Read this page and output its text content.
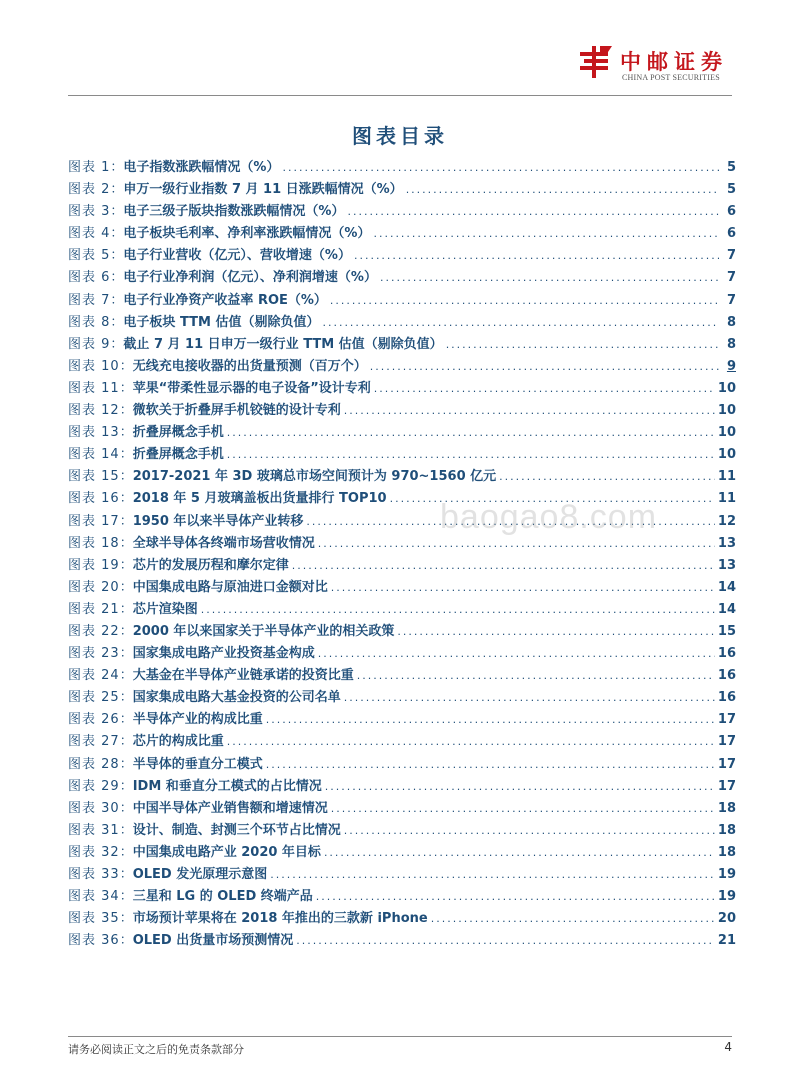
中邮证券
CHINA POST SECURITIES
图表目录
图表 1 ： 电子指数涨跌幅情况（%） .....	5
图表 2 ： 申万一级行业指数 7 月 11 日涨跌幅情况（%） .....	5
图表 3 ： 电子三级子版块指数涨跌幅情况（%） .....	6
图表 4 ： 电子板块毛利率、净利率涨跌幅情况（%） .....	6
图表 5 ： 电子行业营收（亿元）、营收增速（%） .....	7
图表 6 ： 电子行业净利润（亿元）、净利润增速（%） .....	7
图表 7 ： 电子行业净资产收益率 ROE（%） .....	7
图表 8 ： 电子板块 TTM 估值（剔除负值） .....	8
图表 9 ： 截止 7 月 11 日申万一级行业 TTM 估值（剔除负值） .....	8
图表 10 ： 无线充电接收器的出货量预测（百万个） .....	9
图表 11 ： 苹果“带柔性显示器的电子设备”设计专利 .....	10
图表 12 ： 微软关于折叠屏手机铰链的设计专利 .....	10
图表 13 ： 折叠屏概念手机 .....	10
图表 14 ： 折叠屏概念手机 .....	10
图表 15 ： 2017-2021 年 3D 玻璃总市场空间预计为 970~1560 亿元 .....	11
图表 16 ： 2018 年 5 月玻璃盖板出货量排行 TOP10 .....	11
图表 17 ： 1950 年以来半导体产业转移 .....	12
图表 18 ： 全球半导体各终端市场营收情况 .....	13
图表 19 ： 芯片的发展历程和摩尔定律 .....	13
图表 20 ： 中国集成电路与原油进口金额对比 .....	14
图表 21 ： 芯片渲染图 .....	14
图表 22 ： 2000 年以来国家关于半导体产业的相关政策 .....	15
图表 23 ： 国家集成电路产业投资基金构成 .....	16
图表 24 ： 大基金在半导体产业链承诺的投资比重 .....	16
图表 25 ： 国家集成电路大基金投资的公司名单 .....	16
图表 26 ： 半导体产业的构成比重 .....	17
图表 27 ： 芯片的构成比重 .....	17
图表 28 ： 半导体的垂直分工模式 .....	17
图表 29 ： IDM 和垂直分工模式的占比情况 .....	17
图表 30 ： 中国半导体产业销售额和增速情况 .....	18
图表 31 ： 设计、制造、封测三个环节占比情况 .....	18
图表 32 ： 中国集成电路产业 2020 年目标 .....	18
图表 33 ： OLED 发光原理示意图 .....	19
图表 34 ： 三星和 LG 的 OLED 终端产品 .....	19
图表 35 ： 市场预计苹果将在 2018 年推出的三款新 iPhone .....	20
图表 36 ： OLED 出货量市场预测情况 .....	21
baogao8.com
请务必阅读正文之后的免责条款部分	4
